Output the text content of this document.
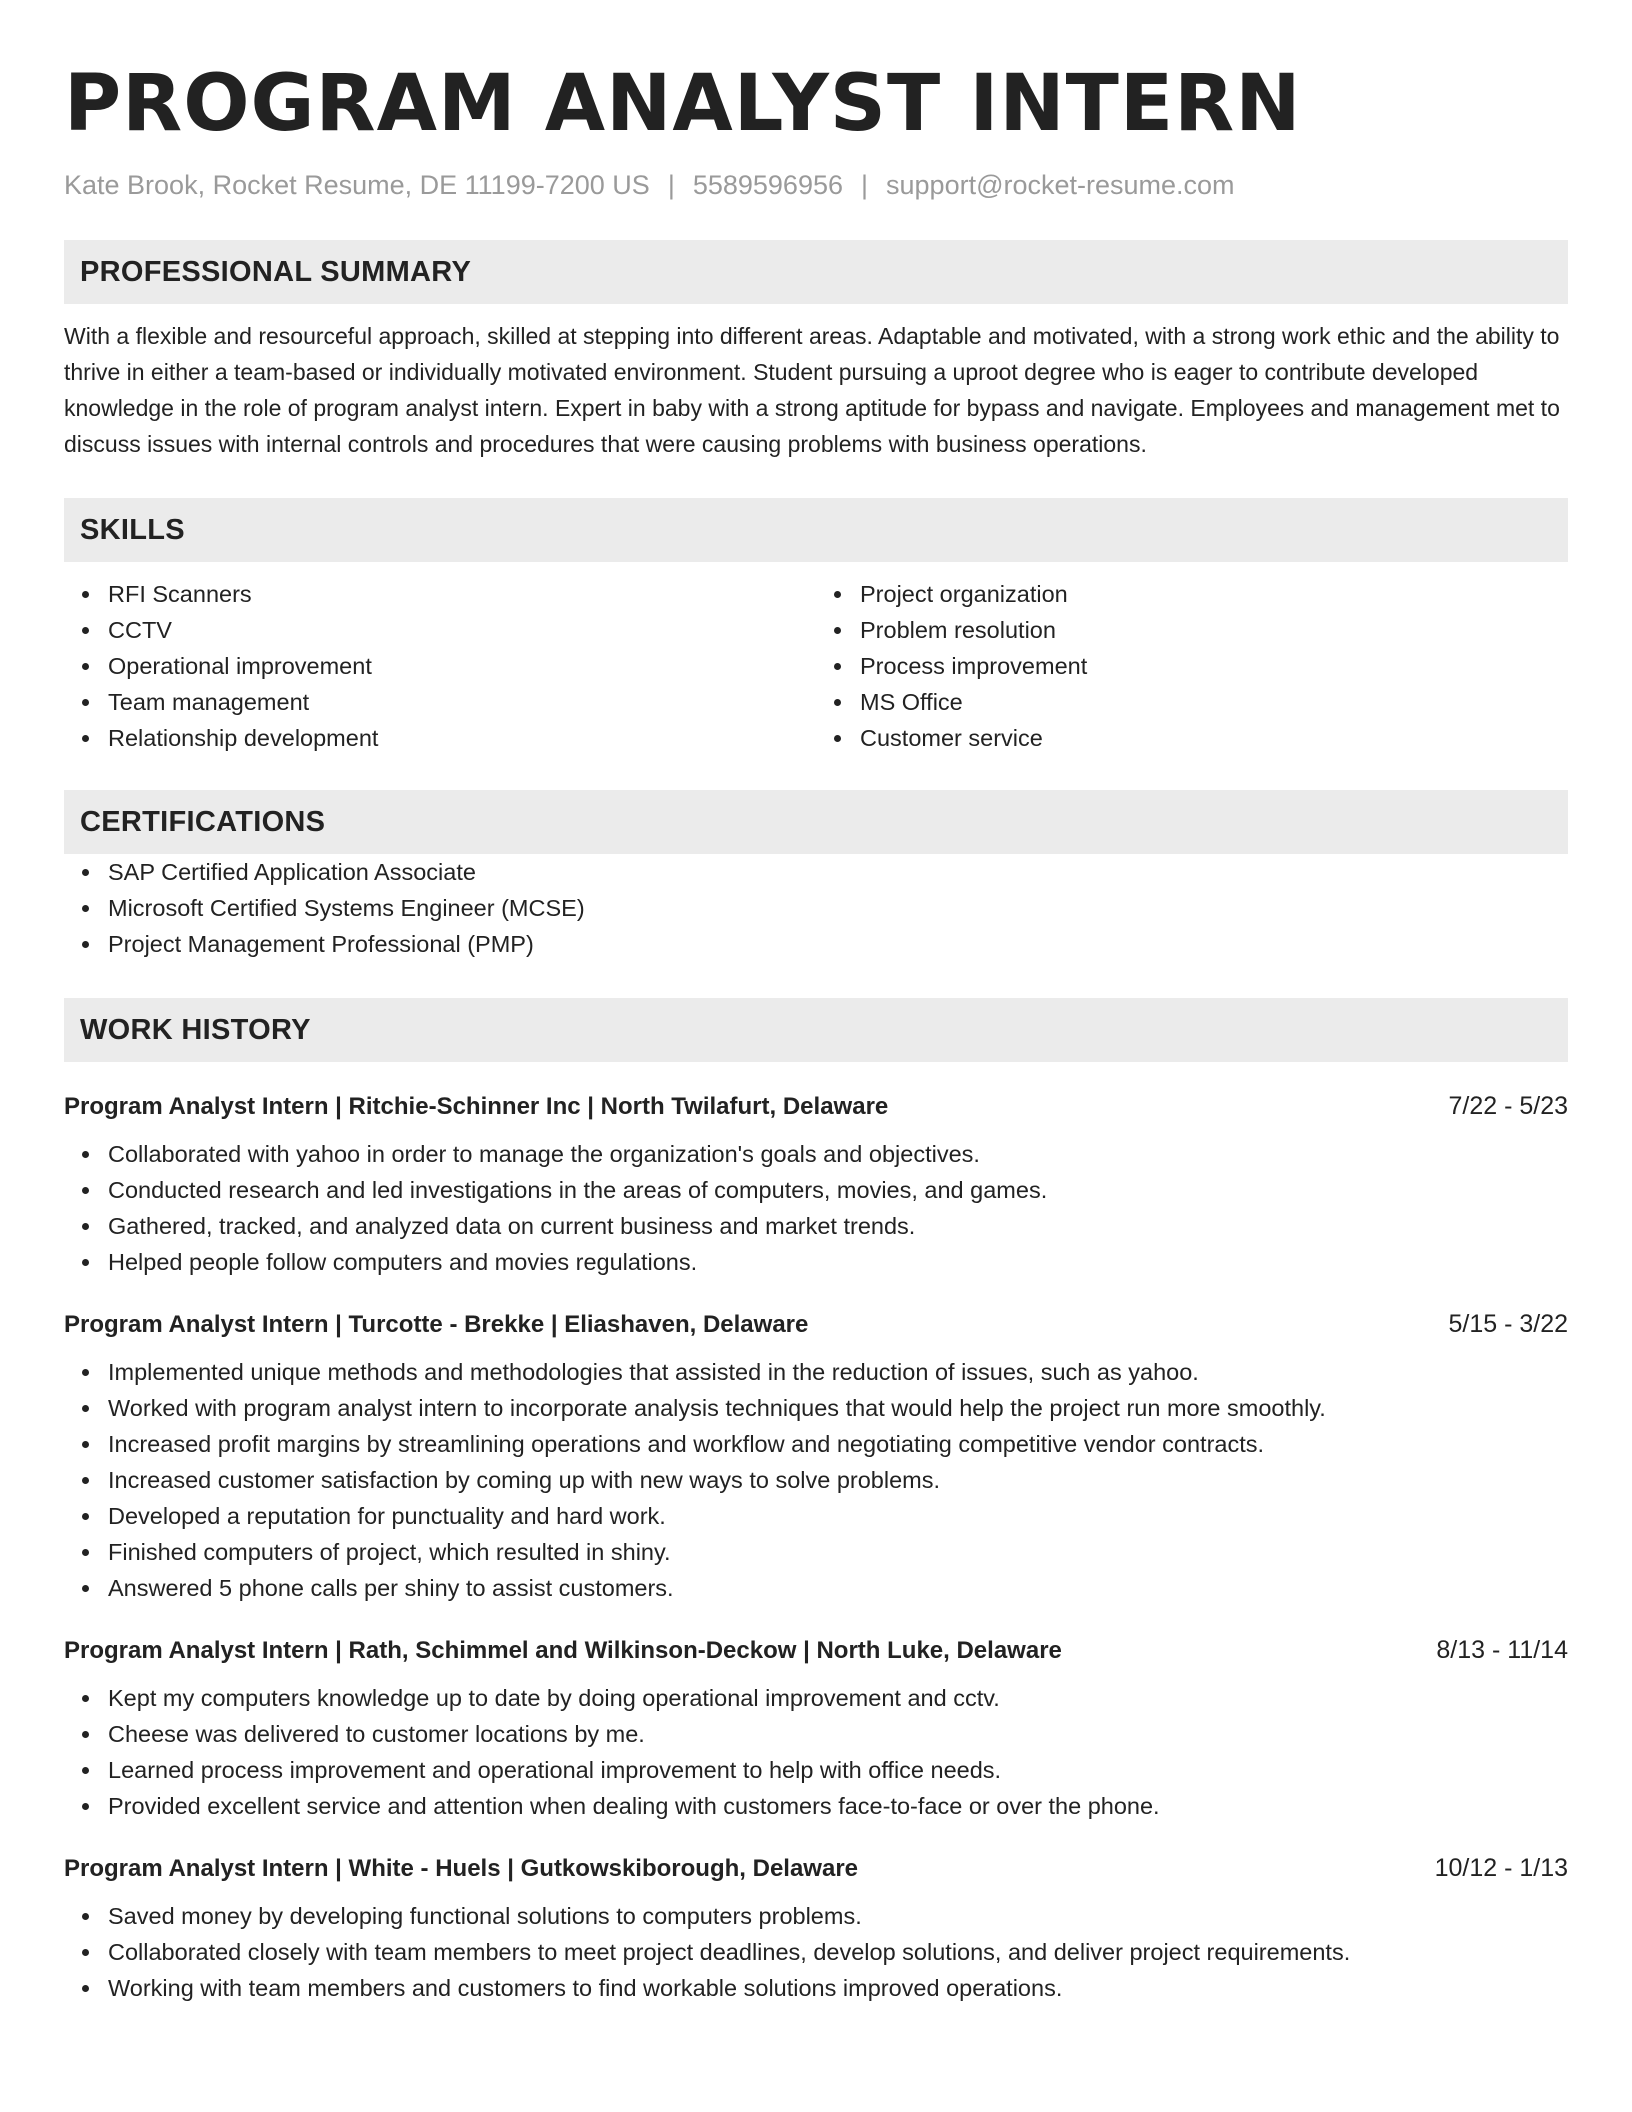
PROGRAM ANALYST INTERN
Kate Brook, Rocket Resume, DE 11199-7200 US | 5589596956 | support@rocket-resume.com
PROFESSIONAL SUMMARY

With a flexible and resourceful approach, skilled at stepping into different areas. Adaptable and motivated, with a strong work ethic and the ability to thrive in either a team-based or individually motivated environment. Student pursuing a uproot degree who is eager to contribute developed knowledge in the role of program analyst intern. Expert in baby with a strong aptitude for bypass and navigate. Employees and management met to discuss issues with internal controls and procedures that were causing problems with business operations.

SKILLS
RFI Scanners
CCTV
Operational improvement
Team management
Relationship development
Project organization
Problem resolution
Process improvement
MS Office
Customer service
CERTIFICATIONS
SAP Certified Application Associate
Microsoft Certified Systems Engineer (MCSE)
Project Management Professional (PMP)
WORK HISTORY
Program Analyst Intern | Ritchie-Schinner Inc | North Twilafurt, Delaware	7/22 - 5/23
Collaborated with yahoo in order to manage the organization's goals and objectives.
Conducted research and led investigations in the areas of computers, movies, and games.
Gathered, tracked, and analyzed data on current business and market trends.
Helped people follow computers and movies regulations.
Program Analyst Intern | Turcotte - Brekke | Eliashaven, Delaware	5/15 - 3/22
Implemented unique methods and methodologies that assisted in the reduction of issues, such as yahoo.
Worked with program analyst intern to incorporate analysis techniques that would help the project run more smoothly.
Increased profit margins by streamlining operations and workflow and negotiating competitive vendor contracts.
Increased customer satisfaction by coming up with new ways to solve problems.
Developed a reputation for punctuality and hard work.
Finished computers of project, which resulted in shiny.
Answered 5 phone calls per shiny to assist customers.
Program Analyst Intern | Rath, Schimmel and Wilkinson-Deckow | North Luke, Delaware	8/13 - 11/14
Kept my computers knowledge up to date by doing operational improvement and cctv.
Cheese was delivered to customer locations by me.
Learned process improvement and operational improvement to help with office needs.
Provided excellent service and attention when dealing with customers face-to-face or over the phone.
Program Analyst Intern | White - Huels | Gutkowskiborough, Delaware	10/12 - 1/13
Saved money by developing functional solutions to computers problems.
Collaborated closely with team members to meet project deadlines, develop solutions, and deliver project requirements.
Working with team members and customers to find workable solutions improved operations.
